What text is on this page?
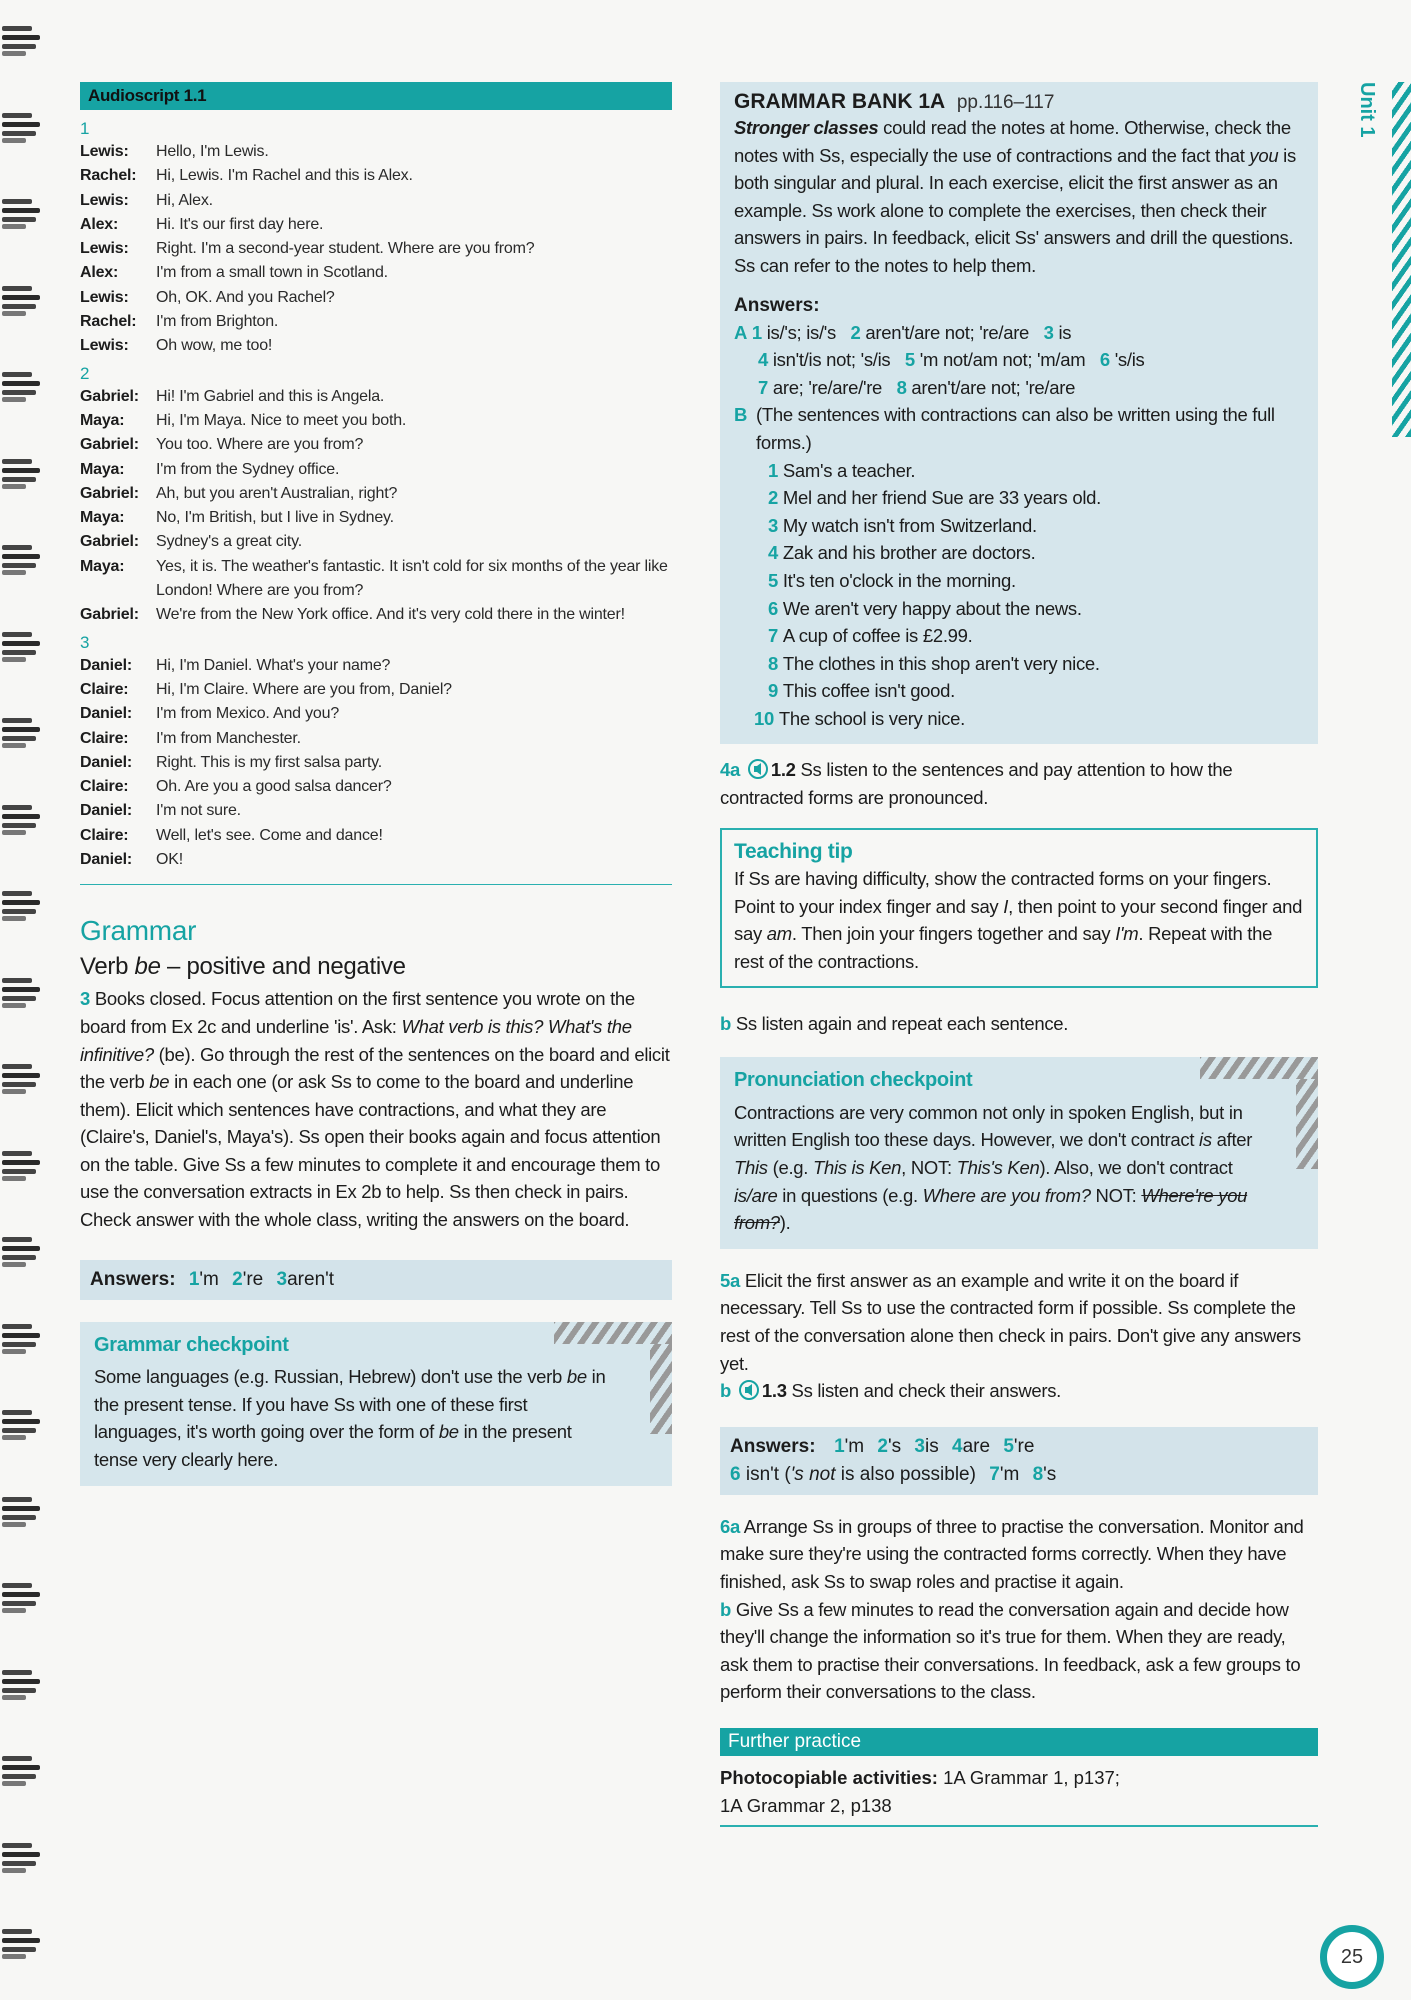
Audioscript 1.1
1
Lewis:	Hello, I'm Lewis.
Rachel:	Hi, Lewis. I'm Rachel and this is Alex.
Lewis:	Hi, Alex.
Alex:	Hi. It's our first day here.
Lewis:	Right. I'm a second-year student. Where are you from?
Alex:	I'm from a small town in Scotland.
Lewis:	Oh, OK. And you Rachel?
Rachel:	I'm from Brighton.
Lewis:	Oh wow, me too!
2
Gabriel:	Hi! I'm Gabriel and this is Angela.
Maya:	Hi, I'm Maya. Nice to meet you both.
Gabriel:	You too. Where are you from?
Maya:	I'm from the Sydney office.
Gabriel:	Ah, but you aren't Australian, right?
Maya:	No, I'm British, but I live in Sydney.
Gabriel:	Sydney's a great city.
Maya:	Yes, it is. The weather's fantastic. It isn't cold for six months of the year like London! Where are you from?
Gabriel:	We're from the New York office. And it's very cold there in the winter!
3
Daniel:	Hi, I'm Daniel. What's your name?
Claire:	Hi, I'm Claire. Where are you from, Daniel?
Daniel:	I'm from Mexico. And you?
Claire:	I'm from Manchester.
Daniel:	Right. This is my first salsa party.
Claire:	Oh. Are you a good salsa dancer?
Daniel:	I'm not sure.
Claire:	Well, let's see. Come and dance!
Daniel:	OK!
Grammar
Verb be – positive and negative
3 Books closed. Focus attention on the first sentence you wrote on the board from Ex 2c and underline 'is'. Ask: What verb is this? What's the infinitive? (be). Go through the rest of the sentences on the board and elicit the verb be in each one (or ask Ss to come to the board and underline them). Elicit which sentences have contractions, and what they are (Claire's, Daniel's, Maya's). Ss open their books again and focus attention on the table. Give Ss a few minutes to complete it and encourage them to use the conversation extracts in Ex 2b to help. Ss then check in pairs. Check answer with the whole class, writing the answers on the board.
Answers: 1'm 2're 3aren't
Grammar checkpoint
Some languages (e.g. Russian, Hebrew) don't use the verb be in the present tense. If you have Ss with one of these first languages, it's worth going over the form of be in the present tense very clearly here.
GRAMMAR BANK 1A pp.116–117
Stronger classes could read the notes at home. Otherwise, check the notes with Ss, especially the use of contractions and the fact that you is both singular and plural. In each exercise, elicit the first answer as an example. Ss work alone to complete the exercises, then check their answers in pairs. In feedback, elicit Ss' answers and drill the questions. Ss can refer to the notes to help them.
Answers:
A 1 is/'s; is/'s 2 aren't/are not; 're/are 3 is
4 isn't/is not; 's/is 5 'm not/am not; 'm/am 6 's/is
7 are; 're/are/'re 8 aren't/are not; 're/are
B (The sentences with contractions can also be written using the full forms.)
1 Sam's a teacher.
2 Mel and her friend Sue are 33 years old.
3 My watch isn't from Switzerland.
4 Zak and his brother are doctors.
5 It's ten o'clock in the morning.
6 We aren't very happy about the news.
7 A cup of coffee is £2.99.
8 The clothes in this shop aren't very nice.
9 This coffee isn't good.
10 The school is very nice.
4a 1.2 Ss listen to the sentences and pay attention to how the contracted forms are pronounced.
Teaching tip
If Ss are having difficulty, show the contracted forms on your fingers. Point to your index finger and say I, then point to your second finger and say am. Then join your fingers together and say I'm. Repeat with the rest of the contractions.
b Ss listen again and repeat each sentence.
Pronunciation checkpoint
Contractions are very common not only in spoken English, but in written English too these days. However, we don't contract is after This (e.g. This is Ken, NOT: This's Ken). Also, we don't contract is/are in questions (e.g. Where are you from? NOT: Where're you from?).
5a Elicit the first answer as an example and write it on the board if necessary. Tell Ss to use the contracted form if possible. Ss complete the rest of the conversation alone then check in pairs. Don't give any answers yet.
b 1.3 Ss listen and check their answers.
Answers: 1'm 2's 3is 4are 5're
6 isn't ('s not is also possible) 7'm 8's
6a Arrange Ss in groups of three to practise the conversation. Monitor and make sure they're using the contracted forms correctly. When they have finished, ask Ss to swap roles and practise it again.
b Give Ss a few minutes to read the conversation again and decide how they'll change the information so it's true for them. When they are ready, ask them to practise their conversations. In feedback, ask a few groups to perform their conversations to the class.
Further practice
Photocopiable activities: 1A Grammar 1, p137;
1A Grammar 2, p138
Unit 1
25
